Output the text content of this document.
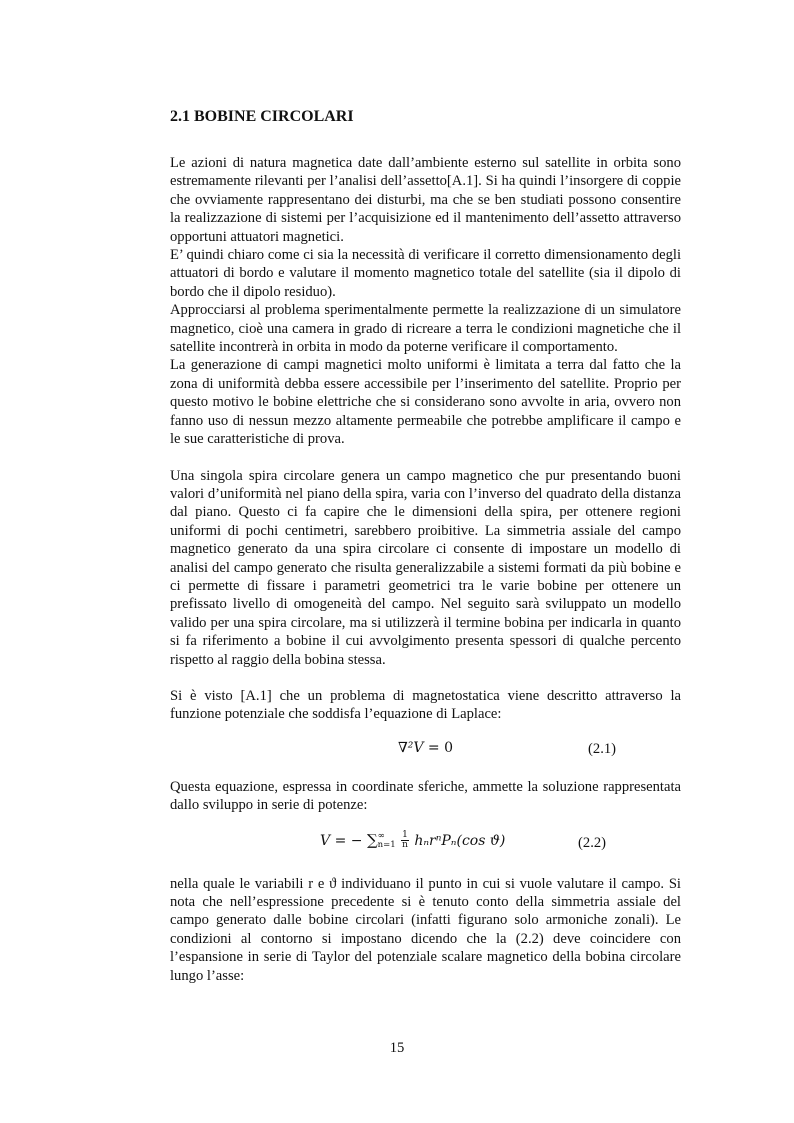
2.1 BOBINE CIRCOLARI

Le azioni di natura magnetica date dall’ambiente esterno sul satellite in orbita sono estremamente rilevanti per l’analisi dell’assetto[A.1]. Si ha quindi l’insorgere di coppie che ovviamente rappresentano dei disturbi, ma che se ben studiati possono consentire la realizzazione di sistemi per l’acquisizione ed il mantenimento dell’assetto attraverso opportuni attuatori magnetici.

E’ quindi chiaro come ci sia la necessità di verificare il corretto dimensionamento degli attuatori di bordo e valutare il momento magnetico totale del satellite (sia il dipolo di bordo che il dipolo residuo).

Approcciarsi al problema sperimentalmente permette la realizzazione di un simulatore magnetico, cioè una camera in grado di ricreare a terra le condizioni magnetiche che il satellite incontrerà in orbita in modo da poterne verificare il comportamento.

La generazione di campi magnetici molto uniformi è limitata a terra dal fatto che la zona di uniformità debba essere accessibile per l’inserimento del satellite. Proprio per questo motivo le bobine elettriche che si considerano sono avvolte in aria, ovvero non fanno uso di nessun mezzo altamente permeabile che potrebbe amplificare il campo e le sue caratteristiche di prova.

Una singola spira circolare genera un campo magnetico che pur presentando buoni valori d’uniformità nel piano della spira, varia con l’inverso del quadrato della distanza dal piano. Questo ci fa capire che le dimensioni della spira, per ottenere regioni uniformi di pochi centimetri, sarebbero proibitive. La simmetria assiale del campo magnetico generato da una spira circolare ci consente di impostare un modello di analisi del campo generato che risulta generalizzabile a sistemi formati da più bobine e ci permette di fissare i parametri geometrici tra le varie bobine per ottenere un prefissato livello di omogeneità del campo. Nel seguito sarà sviluppato un modello valido per una spira circolare, ma si utilizzerà il termine bobina per indicarla in quanto si fa riferimento a bobine il cui avvolgimento presenta spessori di qualche percento rispetto al raggio della bobina stessa.

Si è visto [A.1] che un problema di magnetostatica viene descritto attraverso la funzione potenziale che soddisfa l’equazione di Laplace:

∇²V = 0	(2.1)

Questa equazione, espressa in coordinate sferiche, ammette la soluzione rappresentata dallo sviluppo in serie di potenze:

V = − ∑ ∞
n=1
$\frac{1}{n} h_nr^nP_n(\cos$ ϑ)	(2.2)

nella quale le variabili r e ϑ individuano il punto in cui si vuole valutare il campo. Si nota che nell’espressione precedente si è tenuto conto della simmetria assiale del campo generato dalle bobine circolari (infatti figurano solo armoniche zonali). Le condizioni al contorno si impostano dicendo che la (2.2) deve coincidere con l’espansione in serie di Taylor del potenziale scalare magnetico della bobina circolare lungo l’asse:

15
